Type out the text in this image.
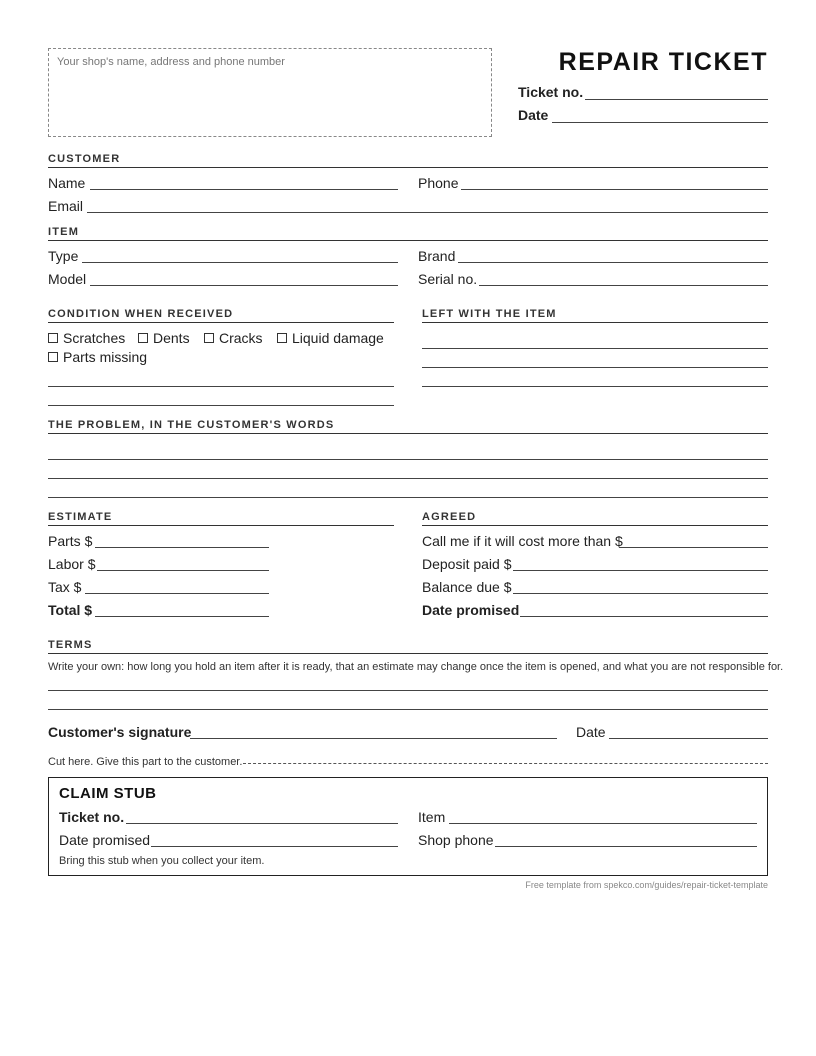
Your shop's name, address and phone number	REPAIR TICKET
Ticket no.
Date
CUSTOMER
Name	Phone
Email
ITEM
Type	Brand
Model	Serial no.
CONDITION WHEN RECEIVED
Scratches Dents Cracks Liquid damage
Parts missing
LEFT WITH THE ITEM
THE PROBLEM, IN THE CUSTOMER'S WORDS
ESTIMATE
Parts $
Labor $
Tax $
Total $
AGREED
Call me if it will cost more than $
Deposit paid $
Balance due $
Date promised
TERMS
Write your own: how long you hold an item after it is ready, that an estimate may change once the item is opened, and what you are not responsible for.
Customer's signature	Date
Cut here. Give this part to the customer.
CLAIM STUB
Ticket no.	Item
Date promised	Shop phone
Bring this stub when you collect your item.
Free template from spekco.com/guides/repair-ticket-template
